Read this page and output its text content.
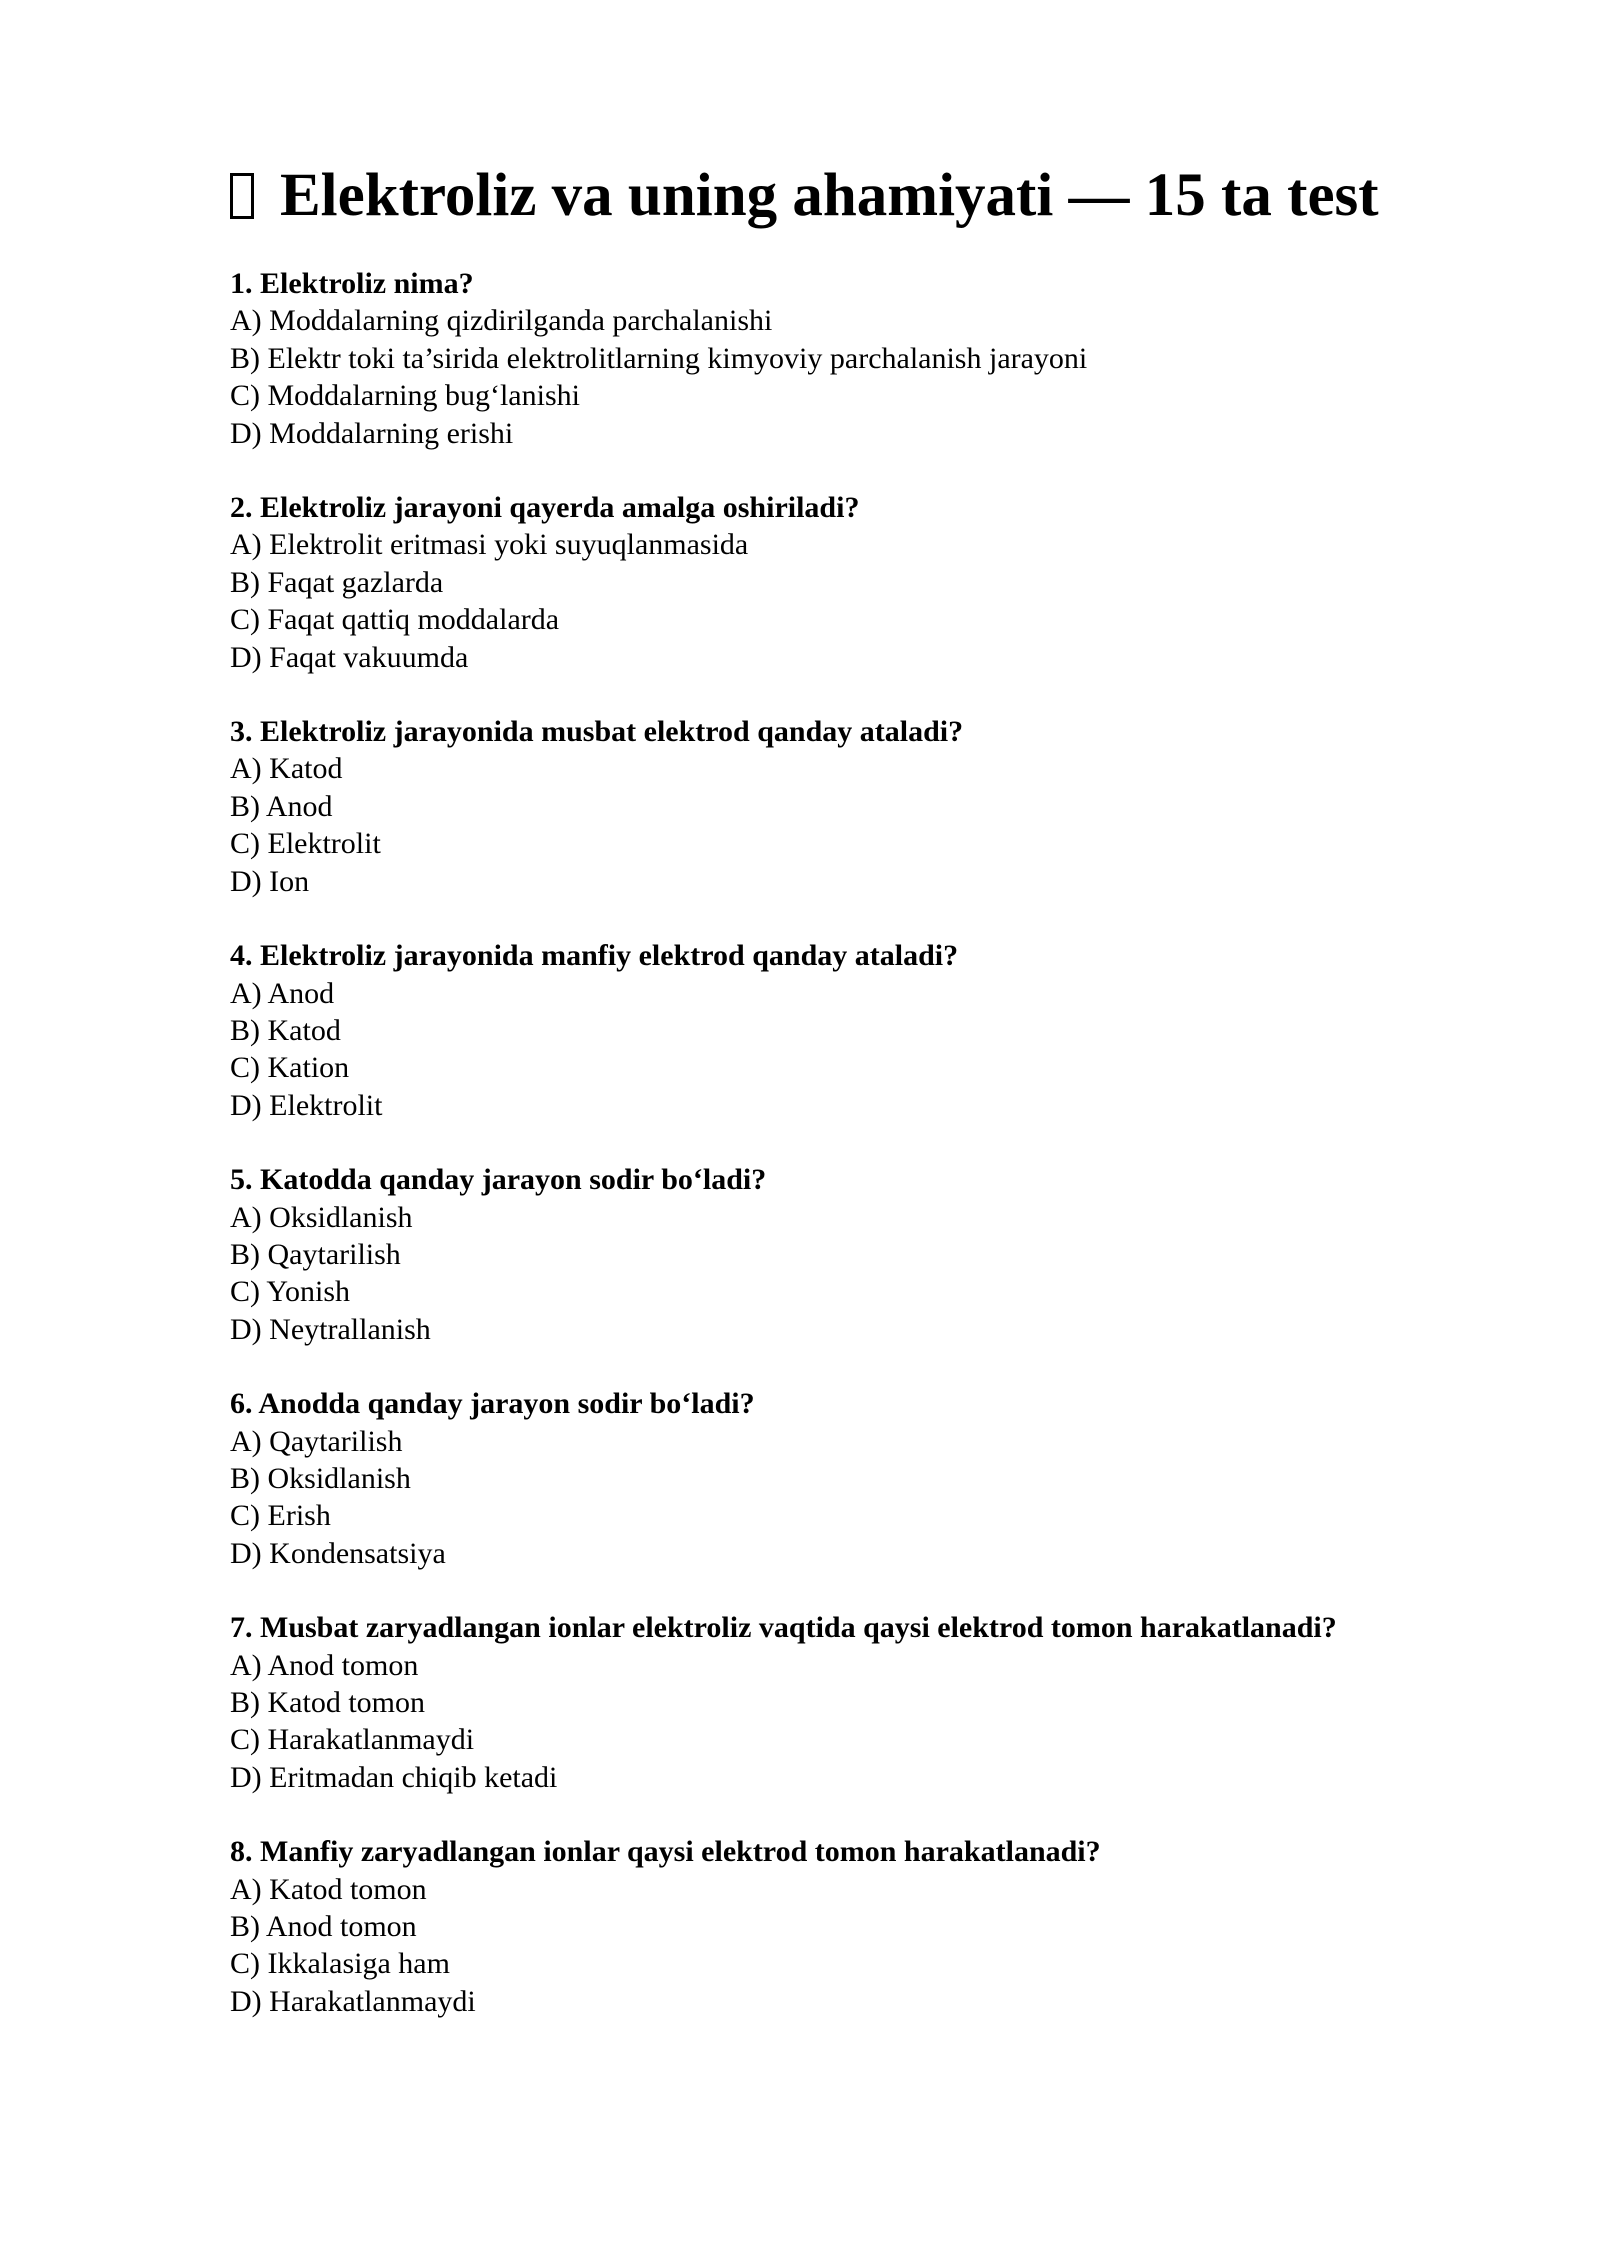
Elektroliz va uning ahamiyati — 15 ta test

1. Elektroliz nima?

A) Moddalarning qizdirilganda parchalanishi
B) Elektr toki ta’sirida elektrolitlarning kimyoviy parchalanish jarayoni
C) Moddalarning bug‘lanishi
D) Moddalarning erishi

2. Elektroliz jarayoni qayerda amalga oshiriladi?

A) Elektrolit eritmasi yoki suyuqlanmasida
B) Faqat gazlarda
C) Faqat qattiq moddalarda
D) Faqat vakuumda

3. Elektroliz jarayonida musbat elektrod qanday ataladi?

A) Katod
B) Anod
C) Elektrolit
D) Ion

4. Elektroliz jarayonida manfiy elektrod qanday ataladi?

A) Anod
B) Katod
C) Kation
D) Elektrolit

5. Katodda qanday jarayon sodir bo‘ladi?

A) Oksidlanish
B) Qaytarilish
C) Yonish
D) Neytrallanish

6. Anodda qanday jarayon sodir bo‘ladi?

A) Qaytarilish
B) Oksidlanish
C) Erish
D) Kondensatsiya

7. Musbat zaryadlangan ionlar elektroliz vaqtida qaysi elektrod tomon harakatlanadi?

A) Anod tomon
B) Katod tomon
C) Harakatlanmaydi
D) Eritmadan chiqib ketadi

8. Manfiy zaryadlangan ionlar qaysi elektrod tomon harakatlanadi?

A) Katod tomon
B) Anod tomon
C) Ikkalasiga ham
D) Harakatlanmaydi
